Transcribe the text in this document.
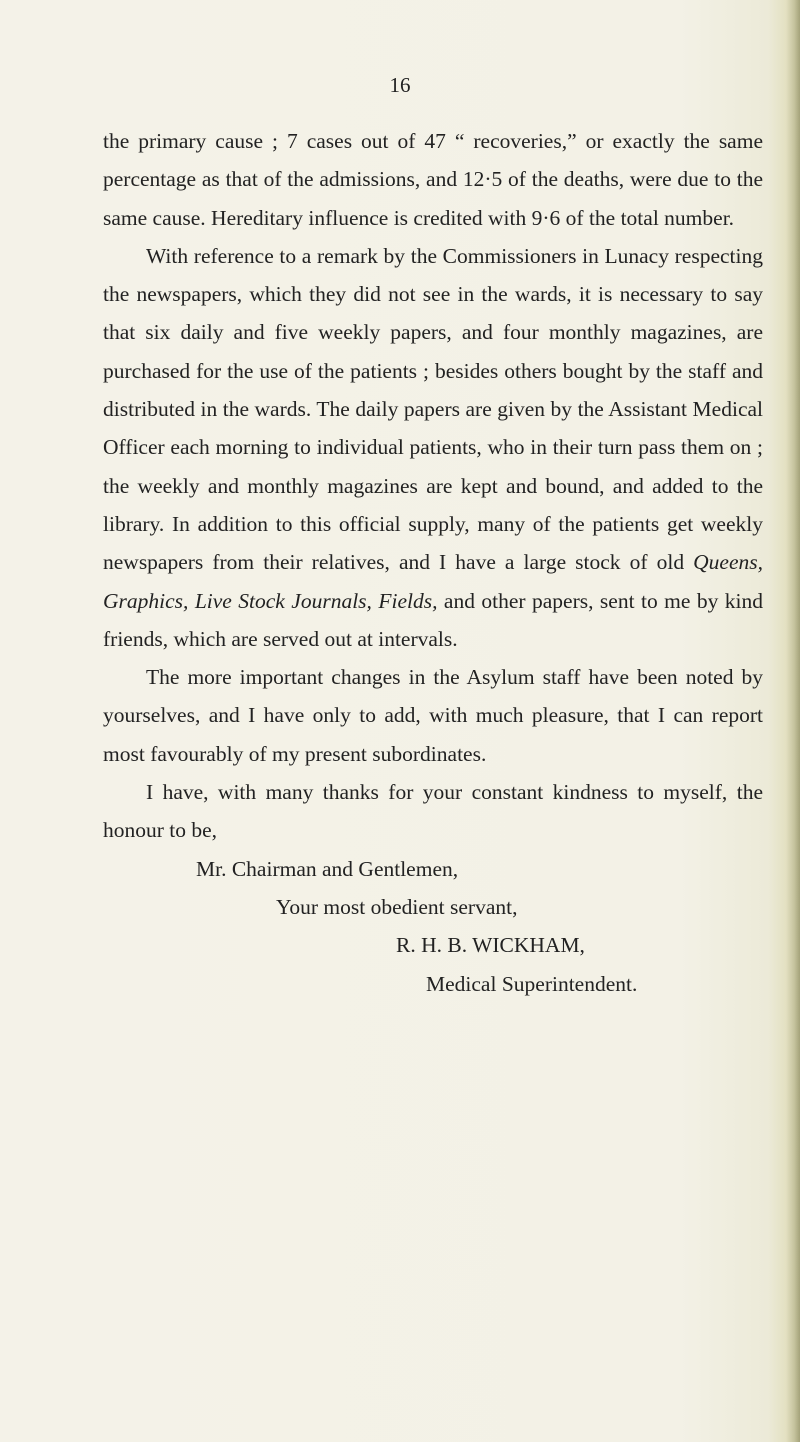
16

the primary cause ; 7 cases out of 47 “ recoveries,” or exactly the same percentage as that of the admissions, and 12·5 of the deaths, were due to the same cause. Hereditary influence is credited with 9·6 of the total number.

With reference to a remark by the Commissioners in Lunacy respecting the newspapers, which they did not see in the wards, it is necessary to say that six daily and five weekly papers, and four monthly magazines, are purchased for the use of the patients ; besides others bought by the staff and distributed in the wards. The daily papers are given by the Assistant Medical Officer each morning to individual patients, who in their turn pass them on ; the weekly and monthly magazines are kept and bound, and added to the library. In addition to this official supply, many of the patients get weekly newspapers from their relatives, and I have a large stock of old Queens, Graphics, Live Stock Journals, Fields, and other papers, sent to me by kind friends, which are served out at intervals.

The more important changes in the Asylum staff have been noted by yourselves, and I have only to add, with much pleasure, that I can report most favourably of my present subordinates.

I have, with many thanks for your constant kindness to myself, the honour to be,

Mr. Chairman and Gentlemen,

Your most obedient servant,

R. H. B. WICKHAM,

Medical Superintendent.
